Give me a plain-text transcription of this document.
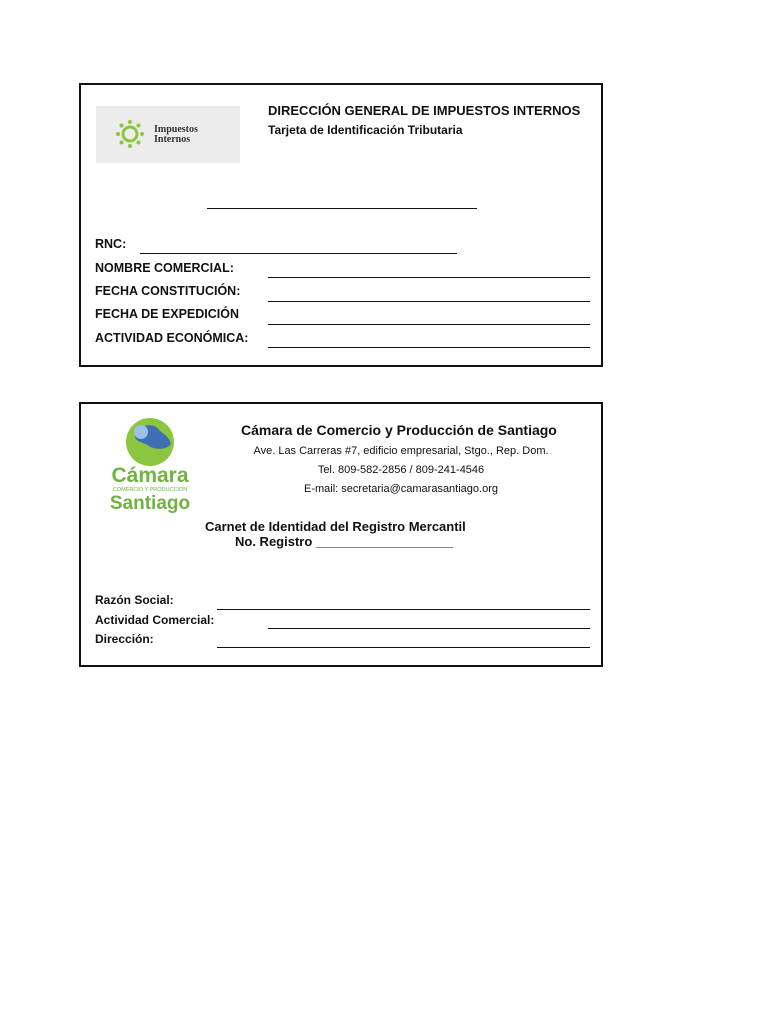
Impuestos
Internos
DIRECCIÓN GENERAL DE IMPUESTOS INTERNOS
Tarjeta de Identificación Tributaria
RNC:
NOMBRE COMERCIAL:
FECHA CONSTITUCIÓN:
FECHA DE EXPEDICIÓN
ACTIVIDAD ECONÓMICA:
Cámara
COMERCIO Y PRODUCCIÓN
Santiago
Cámara de Comercio y Producción de Santiago
Ave. Las Carreras #7, edificio empresarial, Stgo., Rep. Dom.
Tel. 809-582-2856 / 809-241-4546
E-mail: secretaria@camarasantiago.org
Carnet de Identidad del Registro Mercantil
No. Registro ___________________
Razón Social:
Actividad Comercial:
Dirección:
